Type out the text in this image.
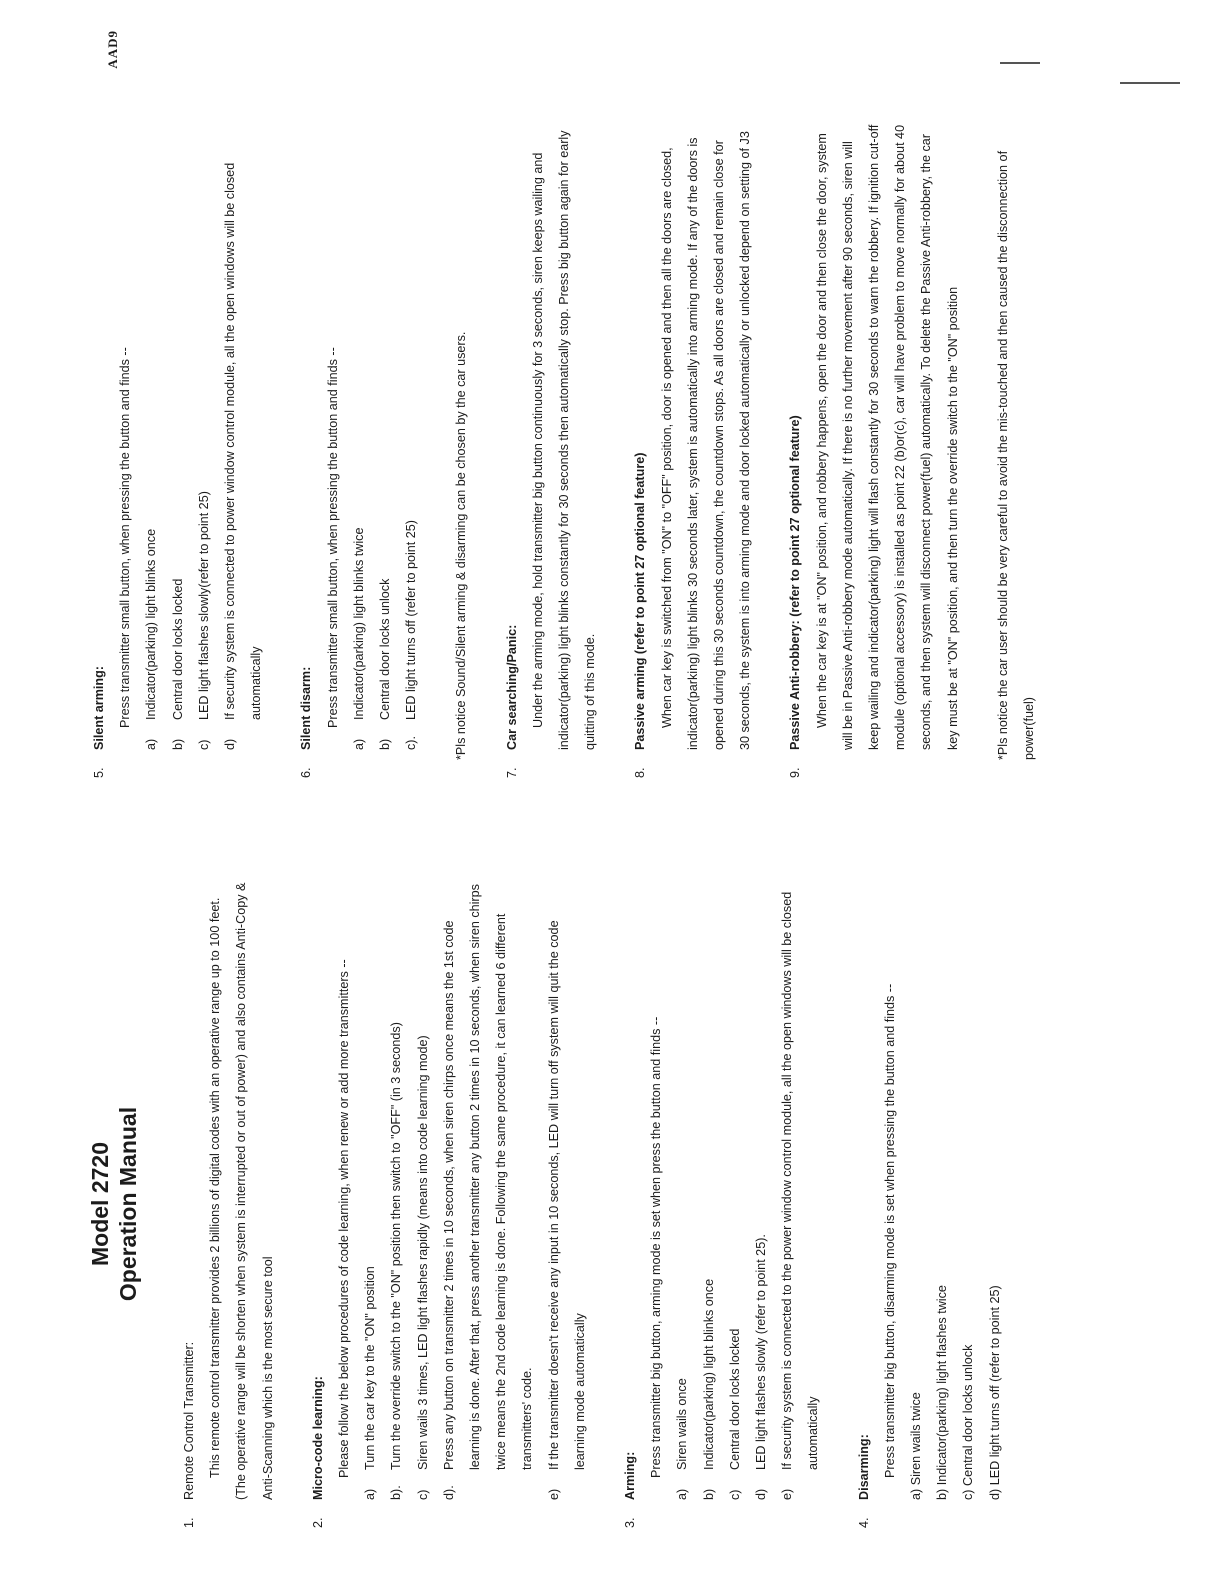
Model 2720 Operation Manual
1.
Remote Control Transmitter: This remote control transmitter provides 2 billions of digital codes with an operative range up to 100 feet. (The operative range will be shorten when system is interrupted or out of power) and also contains Anti-Copy & Anti-Scanning which is the most secure tool

2.
Micro-code learning: Please follow the below procedures of code learning, when renew or add more transmitters --

a)
Turn the car key to the "ON" position
b).
Turn the override switch to the "ON" position then switch to "OFF" (in 3 seconds)
c)
Siren wails 3 times, LED light flashes rapidly (means into code learning mode)
d).
Press any button on transmitter 2 times in 10 seconds, when siren chirps once means the 1st code learning is done. After that, press another transmitter any button 2 times in 10 seconds, when siren chirps twice means the 2nd code learning is done. Following the same procedure, it can learned 6 different transmitters' code.
e)
If the transmitter doesn't receive any input in 10 seconds, LED will turn off system will quit the code learning mode automatically
3.
Arming: Press transmitter big button, arming mode is set when press the button and finds --

a)
Siren wails once
b)
Indicator(parking) light blinks once
c)
Central door locks locked
d)
LED light flashes slowly (refer to point 25).
e)
If security system is connected to the power window control module, all the open windows will be closed automatically
4.
Disarming: Press transmitter big button, disarming mode is set when pressing the button and finds -- a) Siren wails twice b) Indicator(parking) light flashes twice c) Central door locks unlock d) LED light turns off (refer to point 25)
AAD9
5.
Silent arming: Press transmitter small button, when pressing the button and finds --

a)
Indicator(parking) light blinks once
b)
Central door locks locked
c)
LED light flashes slowly(refer to point 25)
d)
If security system is connected to power window control module, all the open windows will be closed automatically
6.
Silent disarm: Press transmitter small button, when pressing the button and finds --

a)
Indicator(parking) light blinks twice
b)
Central door locks unlock
c).
LED light turns off (refer to point 25)	*Pls notice Sound/Silent arming & disarming can be chosen by the car users.

7.
Car searching/Panic: Under the arming mode, hold transmitter big button continuously for 3 seconds, siren keeps wailing and indicator(parking) light blinks constantly for 30 seconds then automatically stop. Press big button again for early quitting of this mode.

8.
Passive arming (refer to point 27 optional feature) When car key is switched from "ON" to "OFF" position, door is opened and then all the doors are closed, indicator(parking) light blinks 30 seconds later, system is automatically into arming mode. If any of the doors is opened during this 30 seconds countdown, the countdown stops. As all doors are closed and remain close for 30 seconds, the system is into arming mode and door locked automatically or unlocked depend on setting of J3

9.
Passive Anti-robbery: (refer to point 27 optional feature) When the car key is at "ON" position, and robbery happens, open the door and then close the door, system will be in Passive Anti-robbery mode automatically. If there is no further movement after 90 seconds, siren will keep wailing and indicator(parking) light will flash constantly for 30 seconds to warn the robbery. If ignition cut-off module (optional accessory) is installed as point 22 (b)or(c), car will have problem to move normally for about 40 seconds, and then system will disconnect power(fuel) automatically. To delete the Passive Anti-robbery, the car key must be at "ON" position, and then turn the override switch to the "ON" position	*Pls notice the car user should be very careful to avoid the mis-touched and then caused the disconnection of power(fuel)
